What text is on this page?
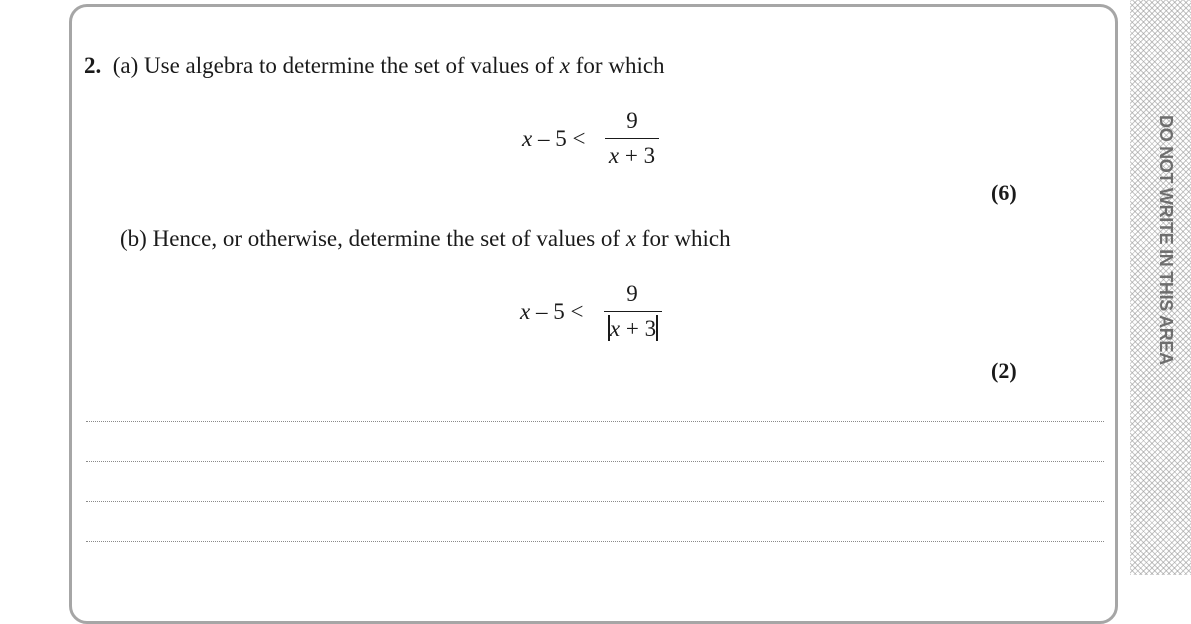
DO NOT WRITE IN THIS AREA
2. (a) Use algebra to determine the set of values of x for which
x – 5 <
9
x + 3
(6)
(b) Hence, or otherwise, determine the set of values of x for which
x – 5 <
9
x + 3
(2)
